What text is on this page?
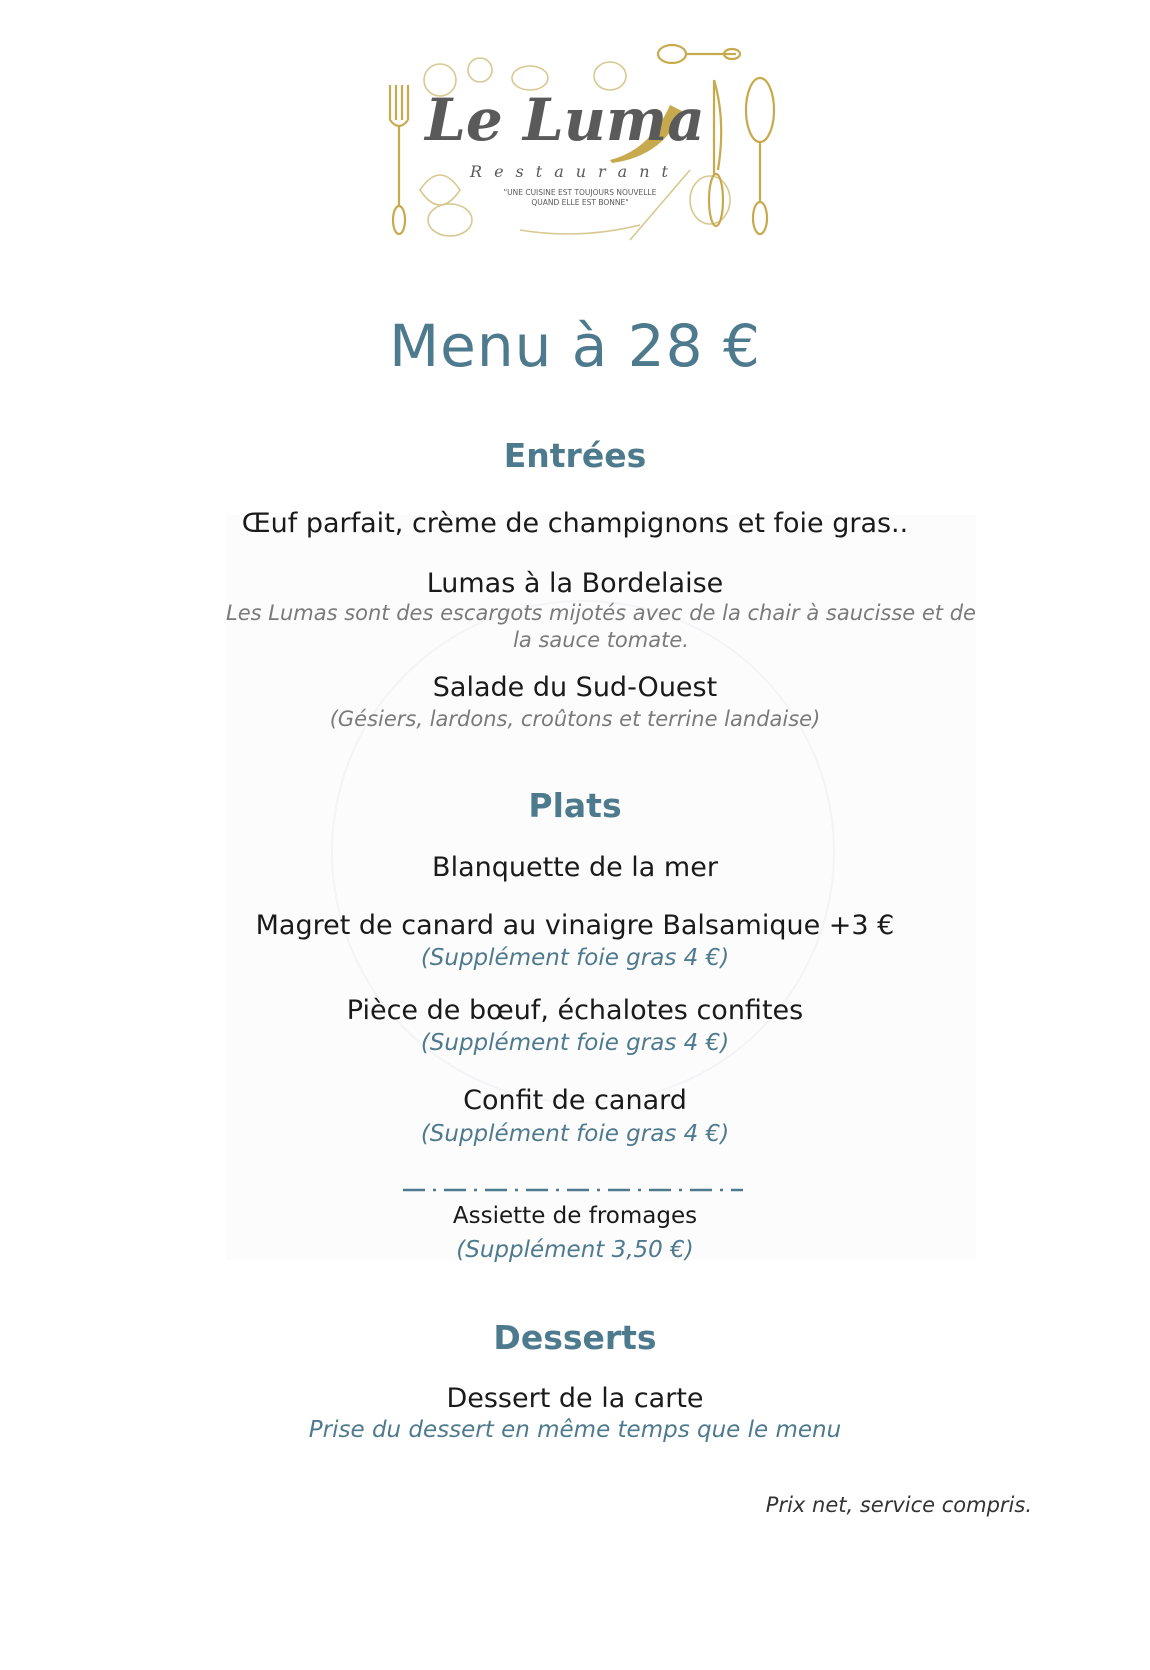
Le Luma
Restaurant
"UNE CUISINE EST TOUJOURS NOUVELLE QUAND ELLE EST BONNE"
Menu à 28 €
Entrées
Œuf parfait, crème de champignons et foie gras..
Lumas à la Bordelaise
Les Lumas sont des escargots mijotés avec de la chair à saucisse et de la sauce tomate.
Salade du Sud-Ouest
(Gésiers, lardons, croûtons et terrine landaise)
Plats
Blanquette de la mer
Magret de canard au vinaigre Balsamique +3 €
(Supplément foie gras 4 €)
Pièce de bœuf, échalotes confites
(Supplément foie gras 4 €)
Confit de canard
(Supplément foie gras 4 €)
Assiette de fromages
(Supplément 3,50 €)
Desserts
Dessert de la carte
Prise du dessert en même temps que le menu
Prix net, service compris.
